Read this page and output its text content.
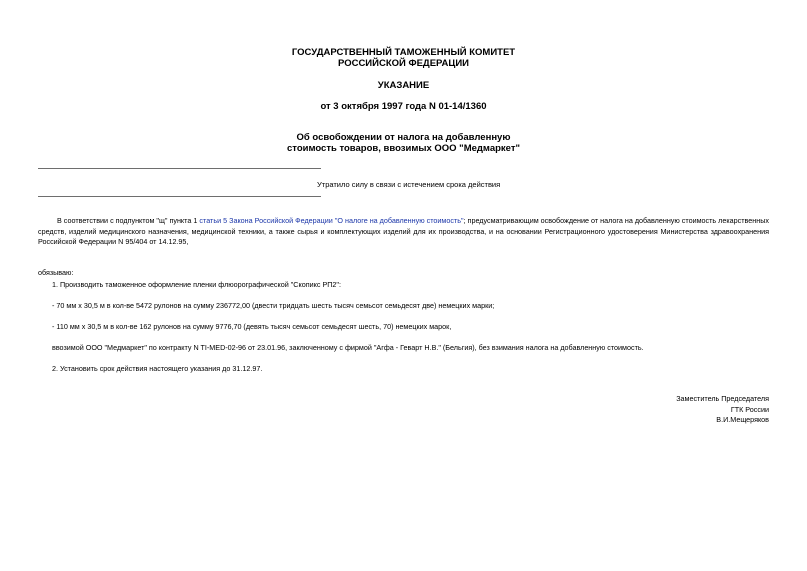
ГОСУДАРСТВЕННЫЙ ТАМОЖЕННЫЙ КОМИТЕТ
РОССИЙСКОЙ ФЕДЕРАЦИИ
УКАЗАНИЕ
от 3 октября 1997 года N 01-14/1360
Об освобождении от налога на добавленную
стоимость товаров, ввозимых ООО "Медмаркет"
Утратило силу в связи с истечением срока действия

В соответствии с подпунктом "щ" пункта 1 статьи 5 Закона Российской Федерации "О налоге на добавленную стоимость"; предусматривающим освобождение от налога на добавленную стоимость лекарственных средств, изделий медицинского назначения, медицинской техники, а также сырья и комплектующих изделий для их производства, и на основании Регистрационного удостоверения Министерства здравоохранения Российской Федерации N 95/404 от 14.12.95,

обязываю:
1. Производить таможенное оформление пленки флюорографической "Скопикс РП2":
- 70 мм х 30,5 м в кол-ве 5472 рулонов на сумму 236772,00 (двести тридцать шесть тысяч семьсот семьдесят две) немецких марки;
- 110 мм х 30,5 м в кол-ве 162 рулонов на сумму 9776,70 (девять тысяч семьсот семьдесят шесть, 70) немецких марок,
ввозимой ООО "Медмаркет" по контракту N TI-MED-02-96 от 23.01.96, заключенному с фирмой "Агфа - Геварт Н.В." (Бельгия), без взимания налога на добавленную стоимость.
2. Установить срок действия настоящего указания до 31.12.97.
Заместитель Председателя
ГТК России
В.И.Мещеряков
